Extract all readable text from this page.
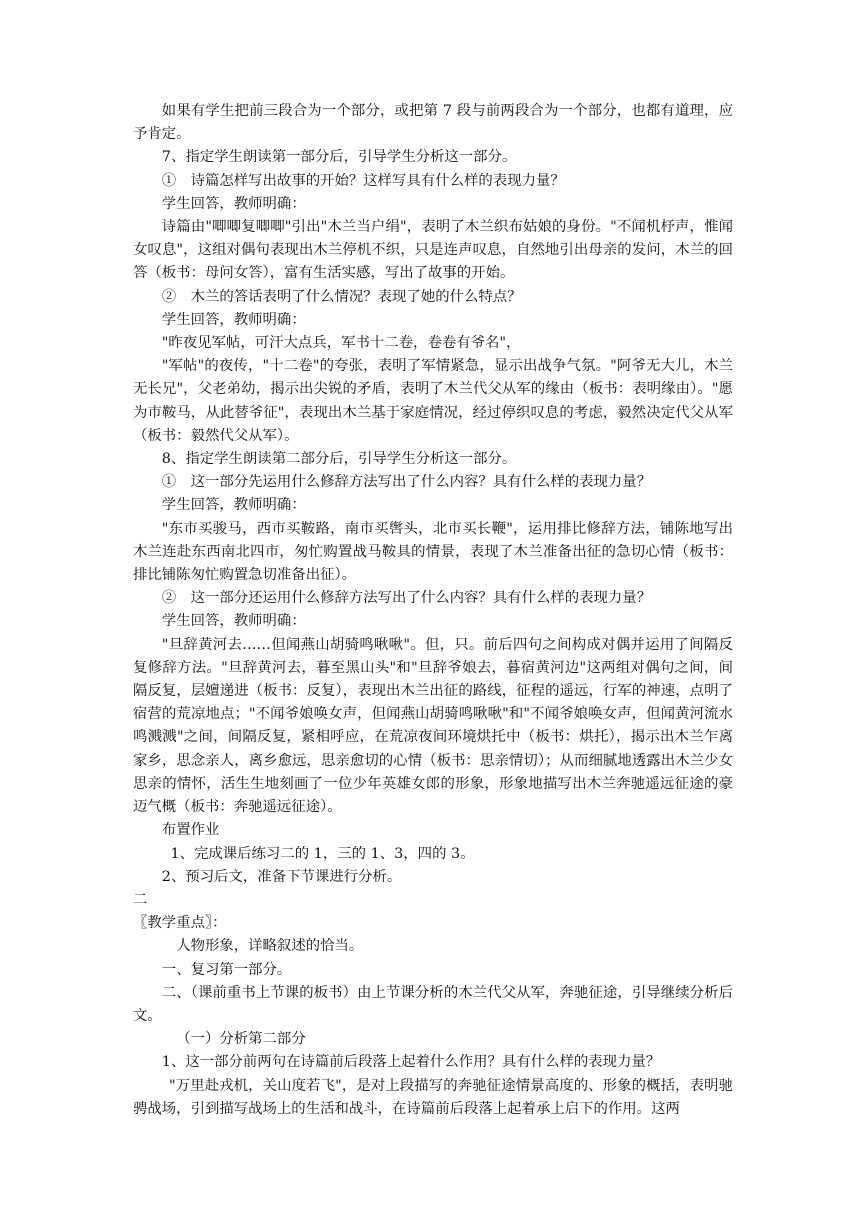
如果有学生把前三段合为一个部分，或把第 7 段与前两段合为一个部分，也都有道理，应予肯定。

7、指定学生朗读第一部分后，引导学生分析这一部分。

①　诗篇怎样写出故事的开始？这样写具有什么样的表现力量？

学生回答，教师明确：

诗篇由"唧唧复唧唧"引出"木兰当户绢"，表明了木兰织布姑娘的身份。"不闻机杼声，惟闻女叹息"，这组对偶句表现出木兰停机不织，只是连声叹息，自然地引出母亲的发问，木兰的回答（板书：母问女答），富有生活实感，写出了故事的开始。

②　木兰的答话表明了什么情况？表现了她的什么特点？

学生回答，教师明确：

"昨夜见军帖，可汗大点兵，军书十二卷，卷卷有爷名"，

"军帖"的夜传，"十二卷"的夸张，表明了军情紧急，显示出战争气氛。"阿爷无大儿，木兰无长兄"，父老弟幼，揭示出尖锐的矛盾，表明了木兰代父从军的缘由（板书：表明缘由）。"愿为市鞍马，从此替爷征"，表现出木兰基于家庭情况，经过停织叹息的考虑，毅然决定代父从军（板书：毅然代父从军）。

8、指定学生朗读第二部分后，引导学生分析这一部分。

①　这一部分先运用什么修辞方法写出了什么内容？具有什么样的表现力量？

学生回答，教师明确：

"东市买骏马，西市买鞍路，南市买辔头，北市买长鞭"，运用排比修辞方法，铺陈地写出木兰连赴东西南北四市，匆忙购置战马鞍具的情景，表现了木兰准备出征的急切心情（板书：排比铺陈匆忙购置急切准备出征）。

②　这一部分还运用什么修辞方法写出了什么内容？具有什么样的表现力量？

学生回答，教师明确：

"旦辞黄河去……但闻燕山胡骑鸣啾啾"。但，只。前后四句之间构成对偶并运用了间隔反复修辞方法。"旦辞黄河去，暮至黑山头"和"旦辞爷娘去，暮宿黄河边"这两组对偶句之间，间隔反复，层嬗递进（板书：反复），表现出木兰出征的路线，征程的遥远，行军的神速，点明了宿营的荒凉地点；"不闻爷娘唤女声，但闻燕山胡骑鸣啾啾"和"不闻爷娘唤女声，但闻黄河流水鸣溅溅"之间，间隔反复，紧相呼应，在荒凉夜间环境烘托中（板书：烘托），揭示出木兰乍离家乡，思念亲人，离乡愈远，思亲愈切的心情（板书：思亲情切）；从而细腻地透露出木兰少女思亲的情怀，活生生地刻画了一位少年英雄女郎的形象，形象地描写出木兰奔驰遥远征途的豪迈气概（板书：奔驰遥远征途）。

布置作业

1、完成课后练习二的 1，三的 1、3，四的 3。

2、预习后文，准备下节课进行分析。

二

〖教学重点〗：

人物形象，详略叙述的恰当。

一、复习第一部分。

二、（课前重书上节课的板书）由上节课分析的木兰代父从军，奔驰征途，引导继续分析后文。

（一）分析第二部分

1、这一部分前两句在诗篇前后段落上起着什么作用？具有什么样的表现力量？

"万里赴戎机，关山度若飞"，是对上段描写的奔驰征途情景高度的、形象的概括，表明驰骋战场，引到描写战场上的生活和战斗，在诗篇前后段落上起着承上启下的作用。这两
